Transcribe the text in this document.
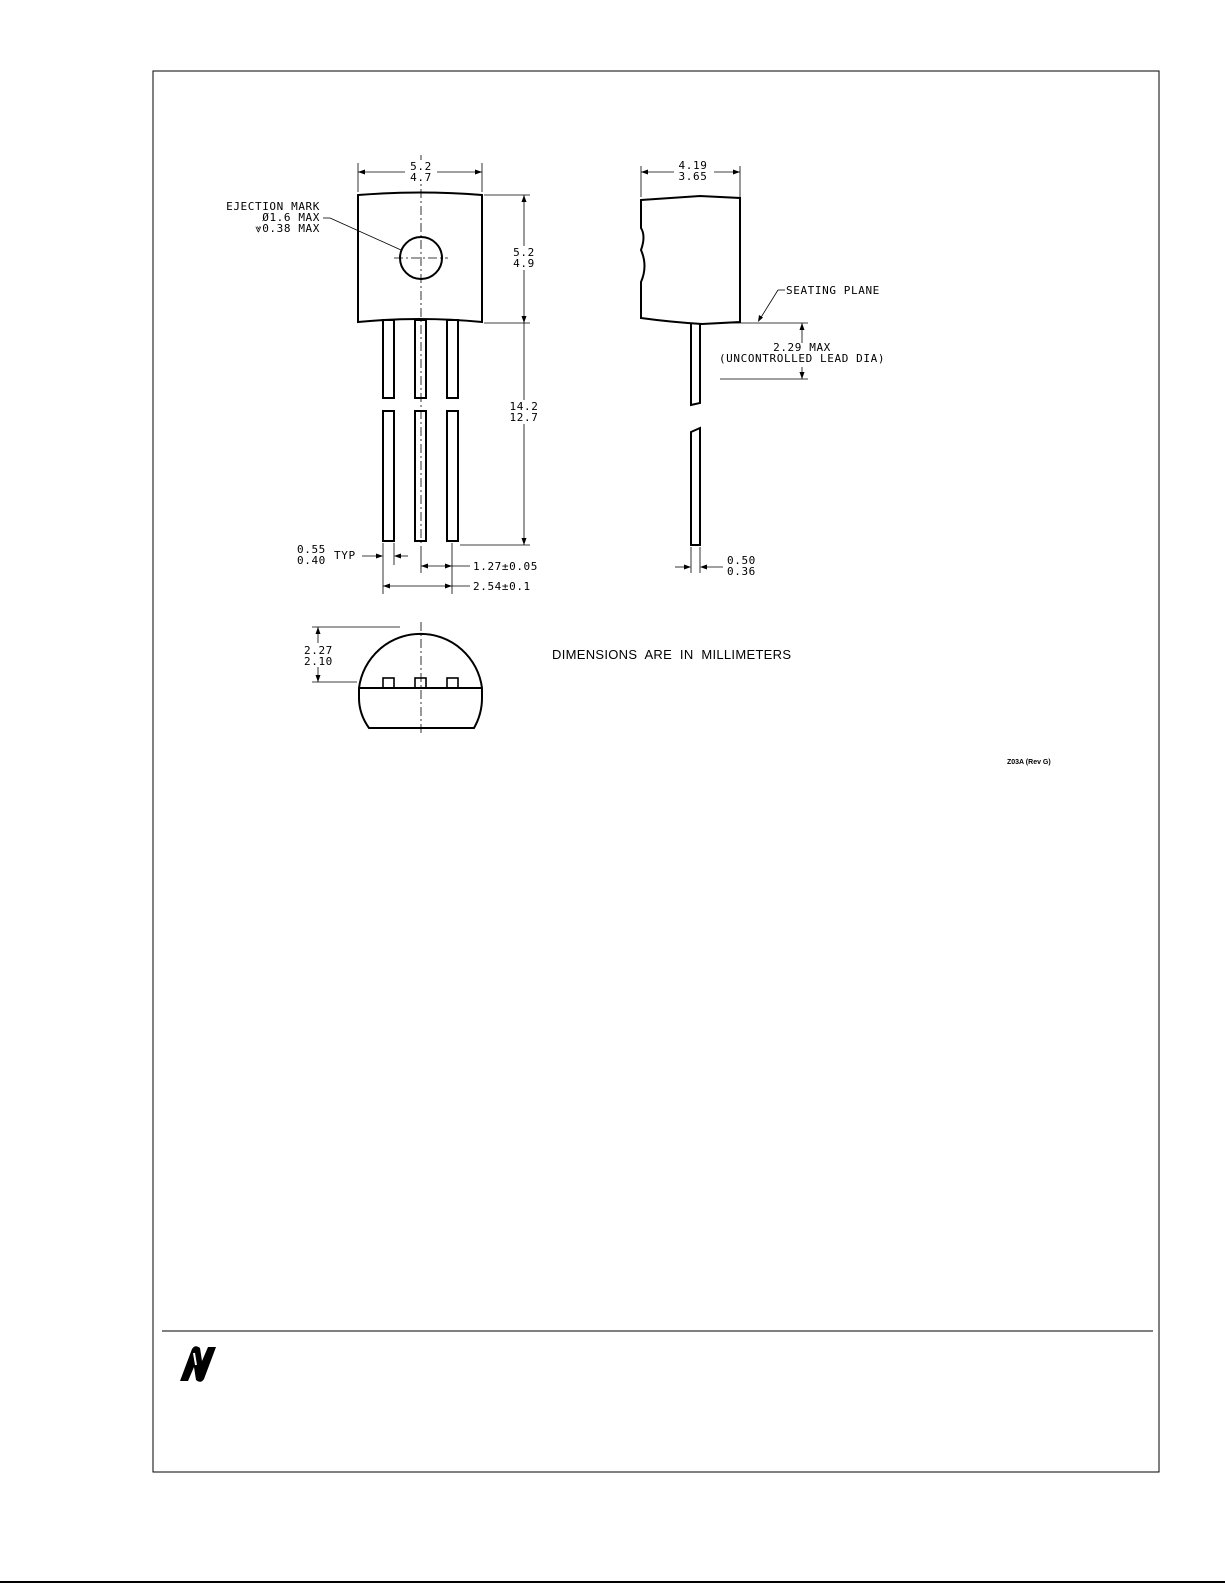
5.2
4.7
EJECTION MARK
Ø1.6 MAX
⩔0.38 MAX
5.2
4.9
14.2
12.7
0.55
0.40 TYP
1.27±0.05
2.54±0.1
4.19
3.65
SEATING PLANE
2.29 MAX
(UNCONTROLLED LEAD DIA)
0.50
0.36
2.27
2.10	DIMENSIONS  ARE  IN  MILLIMETERS
Z03A (Rev G)
